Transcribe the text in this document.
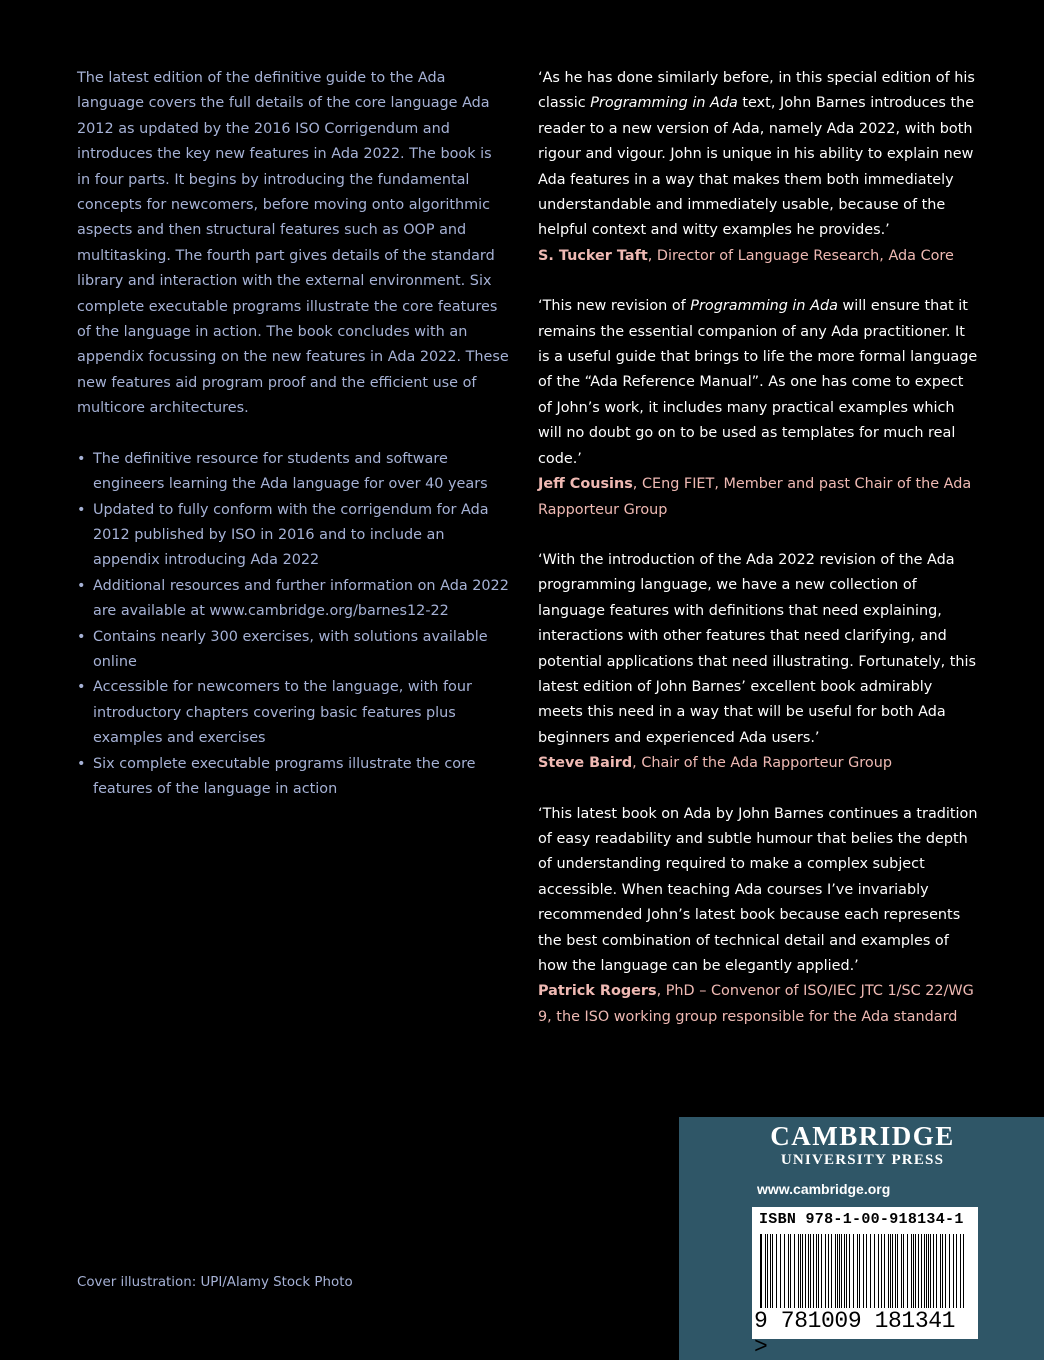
The latest edition of the definitive guide to the Ada language covers the full details of the core language Ada 2012 as updated by the 2016 ISO Corrigendum and introduces the key new features in Ada 2022. The book is in four parts. It begins by introducing the fundamental concepts for newcomers, before moving onto algorithmic aspects and then structural features such as OOP and multitasking. The fourth part gives details of the standard library and interaction with the external environment. Six complete executable programs illustrate the core features of the language in action. The book concludes with an appendix focussing on the new features in Ada 2022. These new features aid program proof and the efficient use of multicore architectures.

• The definitive resource for students and software engineers learning the Ada language for over 40 years
• Updated to fully conform with the corrigendum for Ada 2012 published by ISO in 2016 and to include an appendix introducing Ada 2022
• Additional resources and further information on Ada 2022 are available at www.cambridge.org/barnes12-22
• Contains nearly 300 exercises, with solutions available online
• Accessible for newcomers to the language, with four introductory chapters covering basic features plus examples and exercises
• Six complete executable programs illustrate the core features of the language in action

‘As he has done similarly before, in this special edition of his classic Programming in Ada text, John Barnes introduces the reader to a new version of Ada, namely Ada 2022, with both rigour and vigour. John is unique in his ability to explain new Ada features in a way that makes them both immediately understandable and immediately usable, because of the helpful context and witty examples he provides.’

S. Tucker Taft, Director of Language Research, Ada Core

‘This new revision of Programming in Ada will ensure that it remains the essential companion of any Ada practitioner. It is a useful guide that brings to life the more formal language of the “Ada Reference Manual”. As one has come to expect of John’s work, it includes many practical examples which will no doubt go on to be used as templates for much real code.’

Jeff Cousins, CEng FIET, Member and past Chair of the Ada Rapporteur Group

‘With the introduction of the Ada 2022 revision of the Ada programming language, we have a new collection of language features with definitions that need explaining, interactions with other features that need clarifying, and potential applications that need illustrating. Fortunately, this latest edition of John Barnes’ excellent book admirably meets this need in a way that will be useful for both Ada beginners and experienced Ada users.’

Steve Baird, Chair of the Ada Rapporteur Group

‘This latest book on Ada by John Barnes continues a tradition of easy readability and subtle humour that belies the depth of understanding required to make a complex subject accessible. When teaching Ada courses I’ve invariably recommended John’s latest book because each represents the best combination of technical detail and examples of how the language can be elegantly applied.’

Patrick Rogers, PhD – Convenor of ISO/IEC JTC 1/SC 22/WG 9, the ISO working group responsible for the Ada standard

Cover illustration: UPI/Alamy Stock Photo
CAMBRIDGE
UNIVERSITY PRESS
www.cambridge.org
ISBN 978-1-00-918134-1
9 781009 181341 >
